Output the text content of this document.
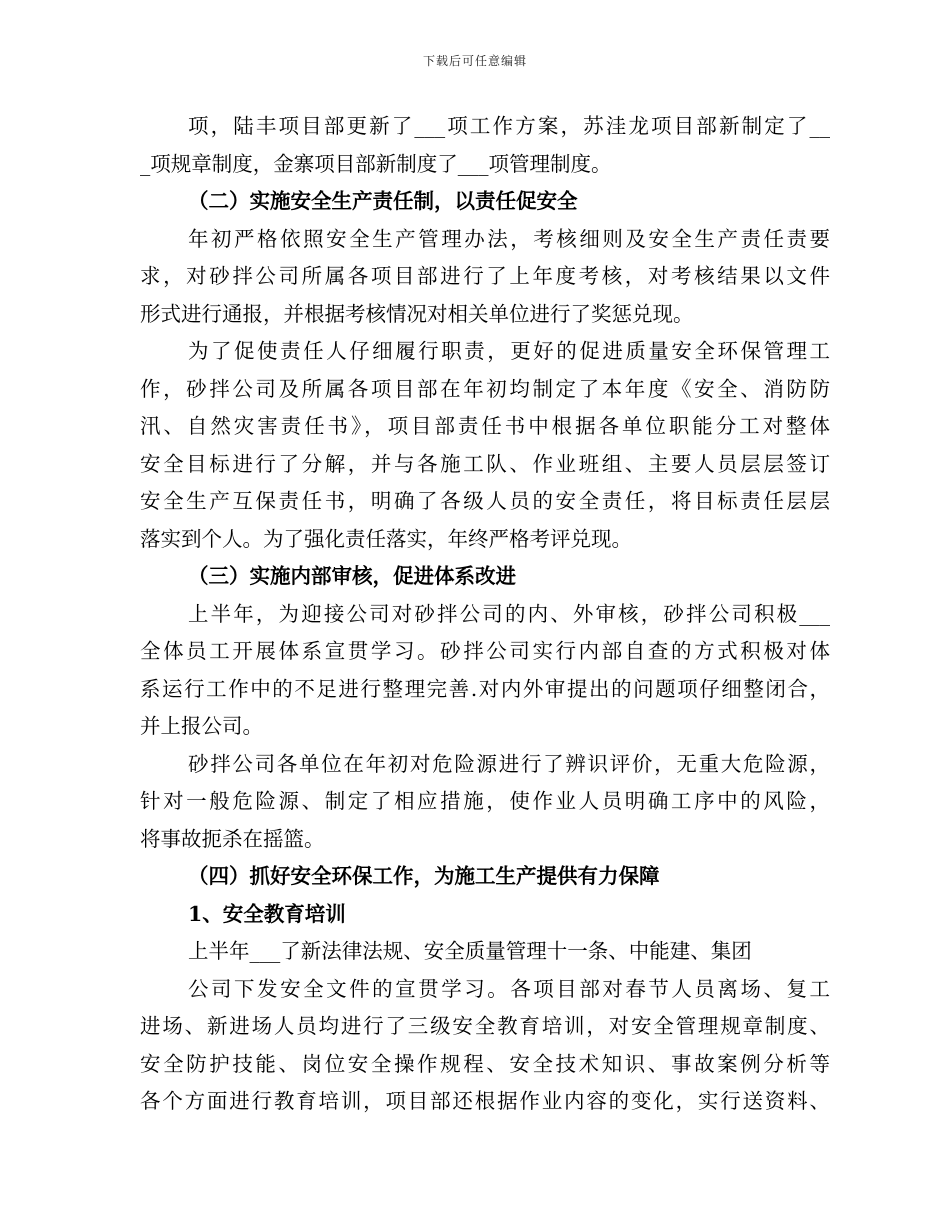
下载后可任意编辑
项，陆丰项目部更新了___项工作方案，苏洼龙项目部新制定了__
_项规章制度，金寨项目部新制度了___项管理制度。
（二）实施安全生产责任制，以责任促安全
年初严格依照安全生产管理办法，考核细则及安全生产责任责要
求，对砂拌公司所属各项目部进行了上年度考核，对考核结果以文件
形式进行通报，并根据考核情况对相关单位进行了奖惩兑现。
为了促使责任人仔细履行职责，更好的促进质量安全环保管理工
作，砂拌公司及所属各项目部在年初均制定了本年度《安全、消防防
汛、自然灾害责任书》，项目部责任书中根据各单位职能分工对整体
安全目标进行了分解，并与各施工队、作业班组、主要人员层层签订
安全生产互保责任书，明确了各级人员的安全责任，将目标责任层层
落实到个人。为了强化责任落实，年终严格考评兑现。
（三）实施内部审核，促进体系改进
上半年，为迎接公司对砂拌公司的内、外审核，砂拌公司积极___
全体员工开展体系宣贯学习。砂拌公司实行内部自查的方式积极对体
系运行工作中的不足进行整理完善.对内外审提出的问题项仔细整闭合，
并上报公司。
砂拌公司各单位在年初对危险源进行了辨识评价，无重大危险源，
针对一般危险源、制定了相应措施，使作业人员明确工序中的风险，
将事故扼杀在摇篮。
（四）抓好安全环保工作，为施工生产提供有力保障
1、安全教育培训
上半年___了新法律法规、安全质量管理十一条、中能建、集团
公司下发安全文件的宣贯学习。各项目部对春节人员离场、复工
进场、新进场人员均进行了三级安全教育培训，对安全管理规章制度、
安全防护技能、岗位安全操作规程、安全技术知识、事故案例分析等
各个方面进行教育培训，项目部还根据作业内容的变化，实行送资料、
